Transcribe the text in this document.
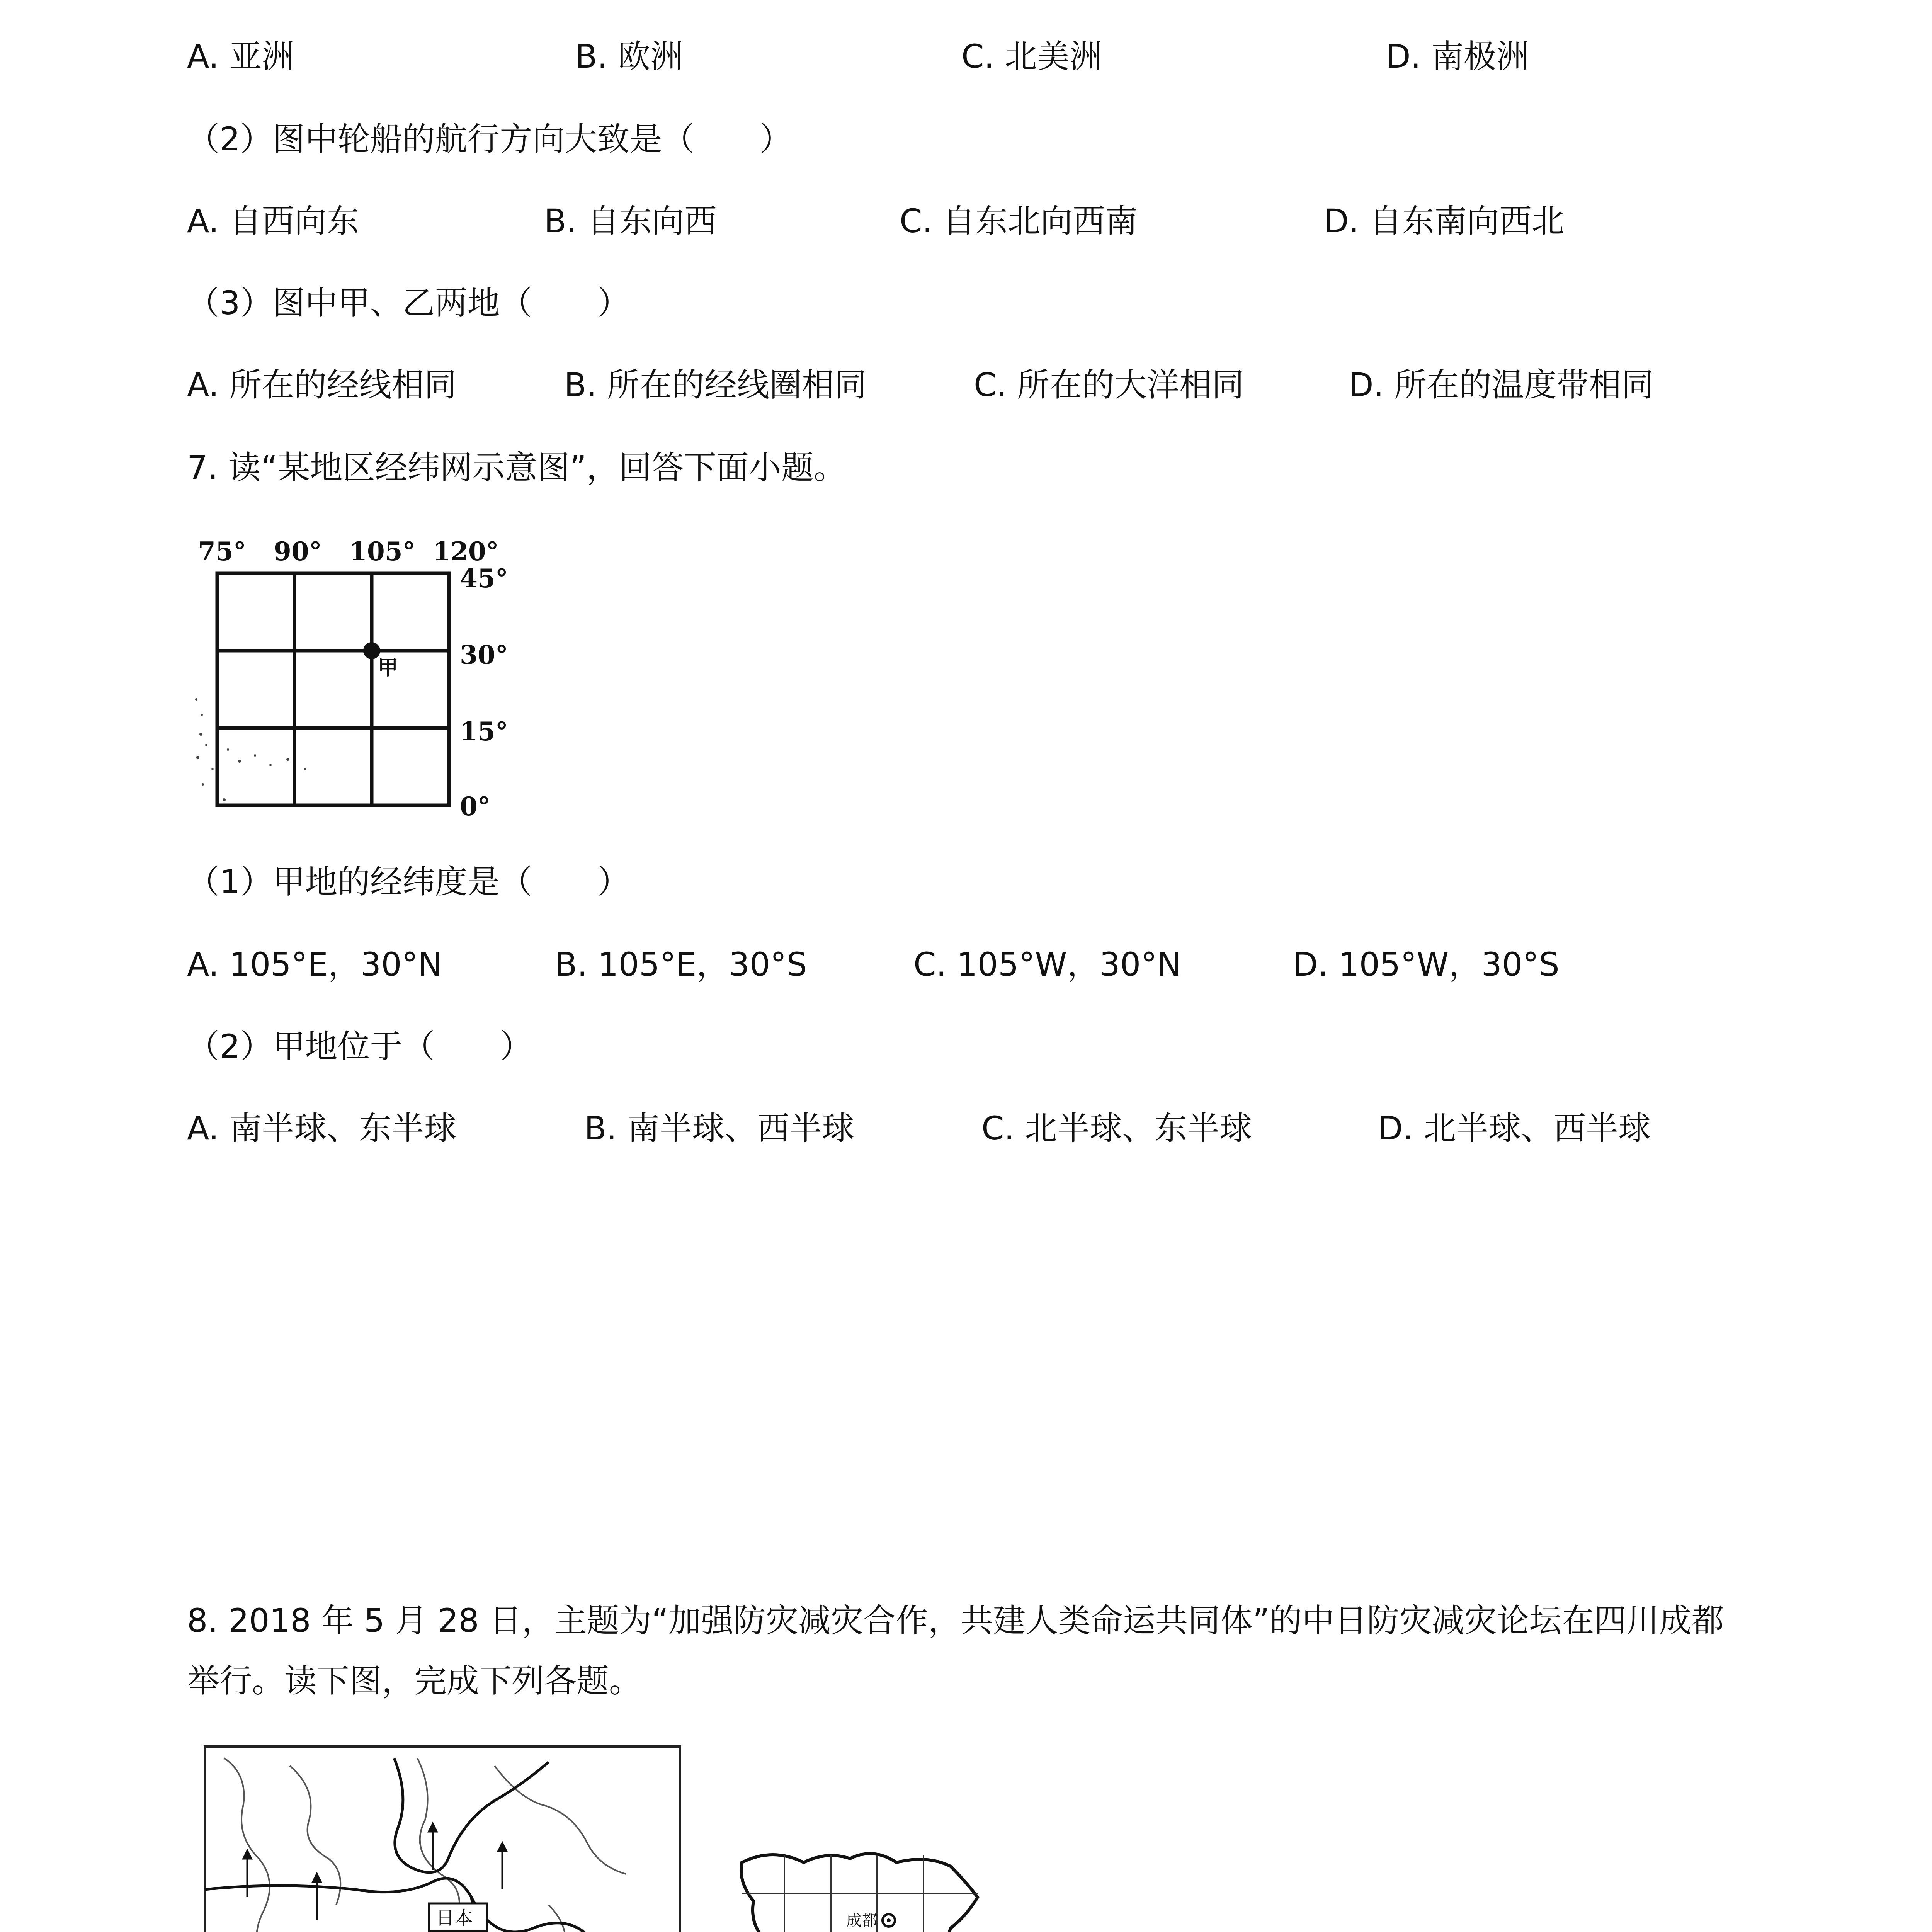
A. 亚洲	B. 欧洲	C. 北美洲	D. 南极洲
（2）图中轮船的航行方向大致是（　　）
A. 自西向东	B. 自东向西	C. 自东北向西南	D. 自东南向西北
（3）图中甲、乙两地（　　）
A. 所在的经线相同	B. 所在的经线圈相同	C. 所在的大洋相同	D. 所在的温度带相同
7. 读“某地区经纬网示意图”，回答下面小题。
75° 90° 105° 120°
45°
30°
15°
0°
甲
（1）甲地的经纬度是（　　）
A. 105°E，30°N	B. 105°E，30°S	C. 105°W，30°N	D. 105°W，30°S
（2）甲地位于（　　）
A. 南半球、东半球	B. 南半球、西半球	C. 北半球、东半球	D. 北半球、西半球
8. 2018 年 5 月 28 日，主题为“加强防灾减灾合作，共建人类命运共同体”的中日防灾减灾论坛在四川成都
举行。读下图，完成下列各题。
日本	成都
